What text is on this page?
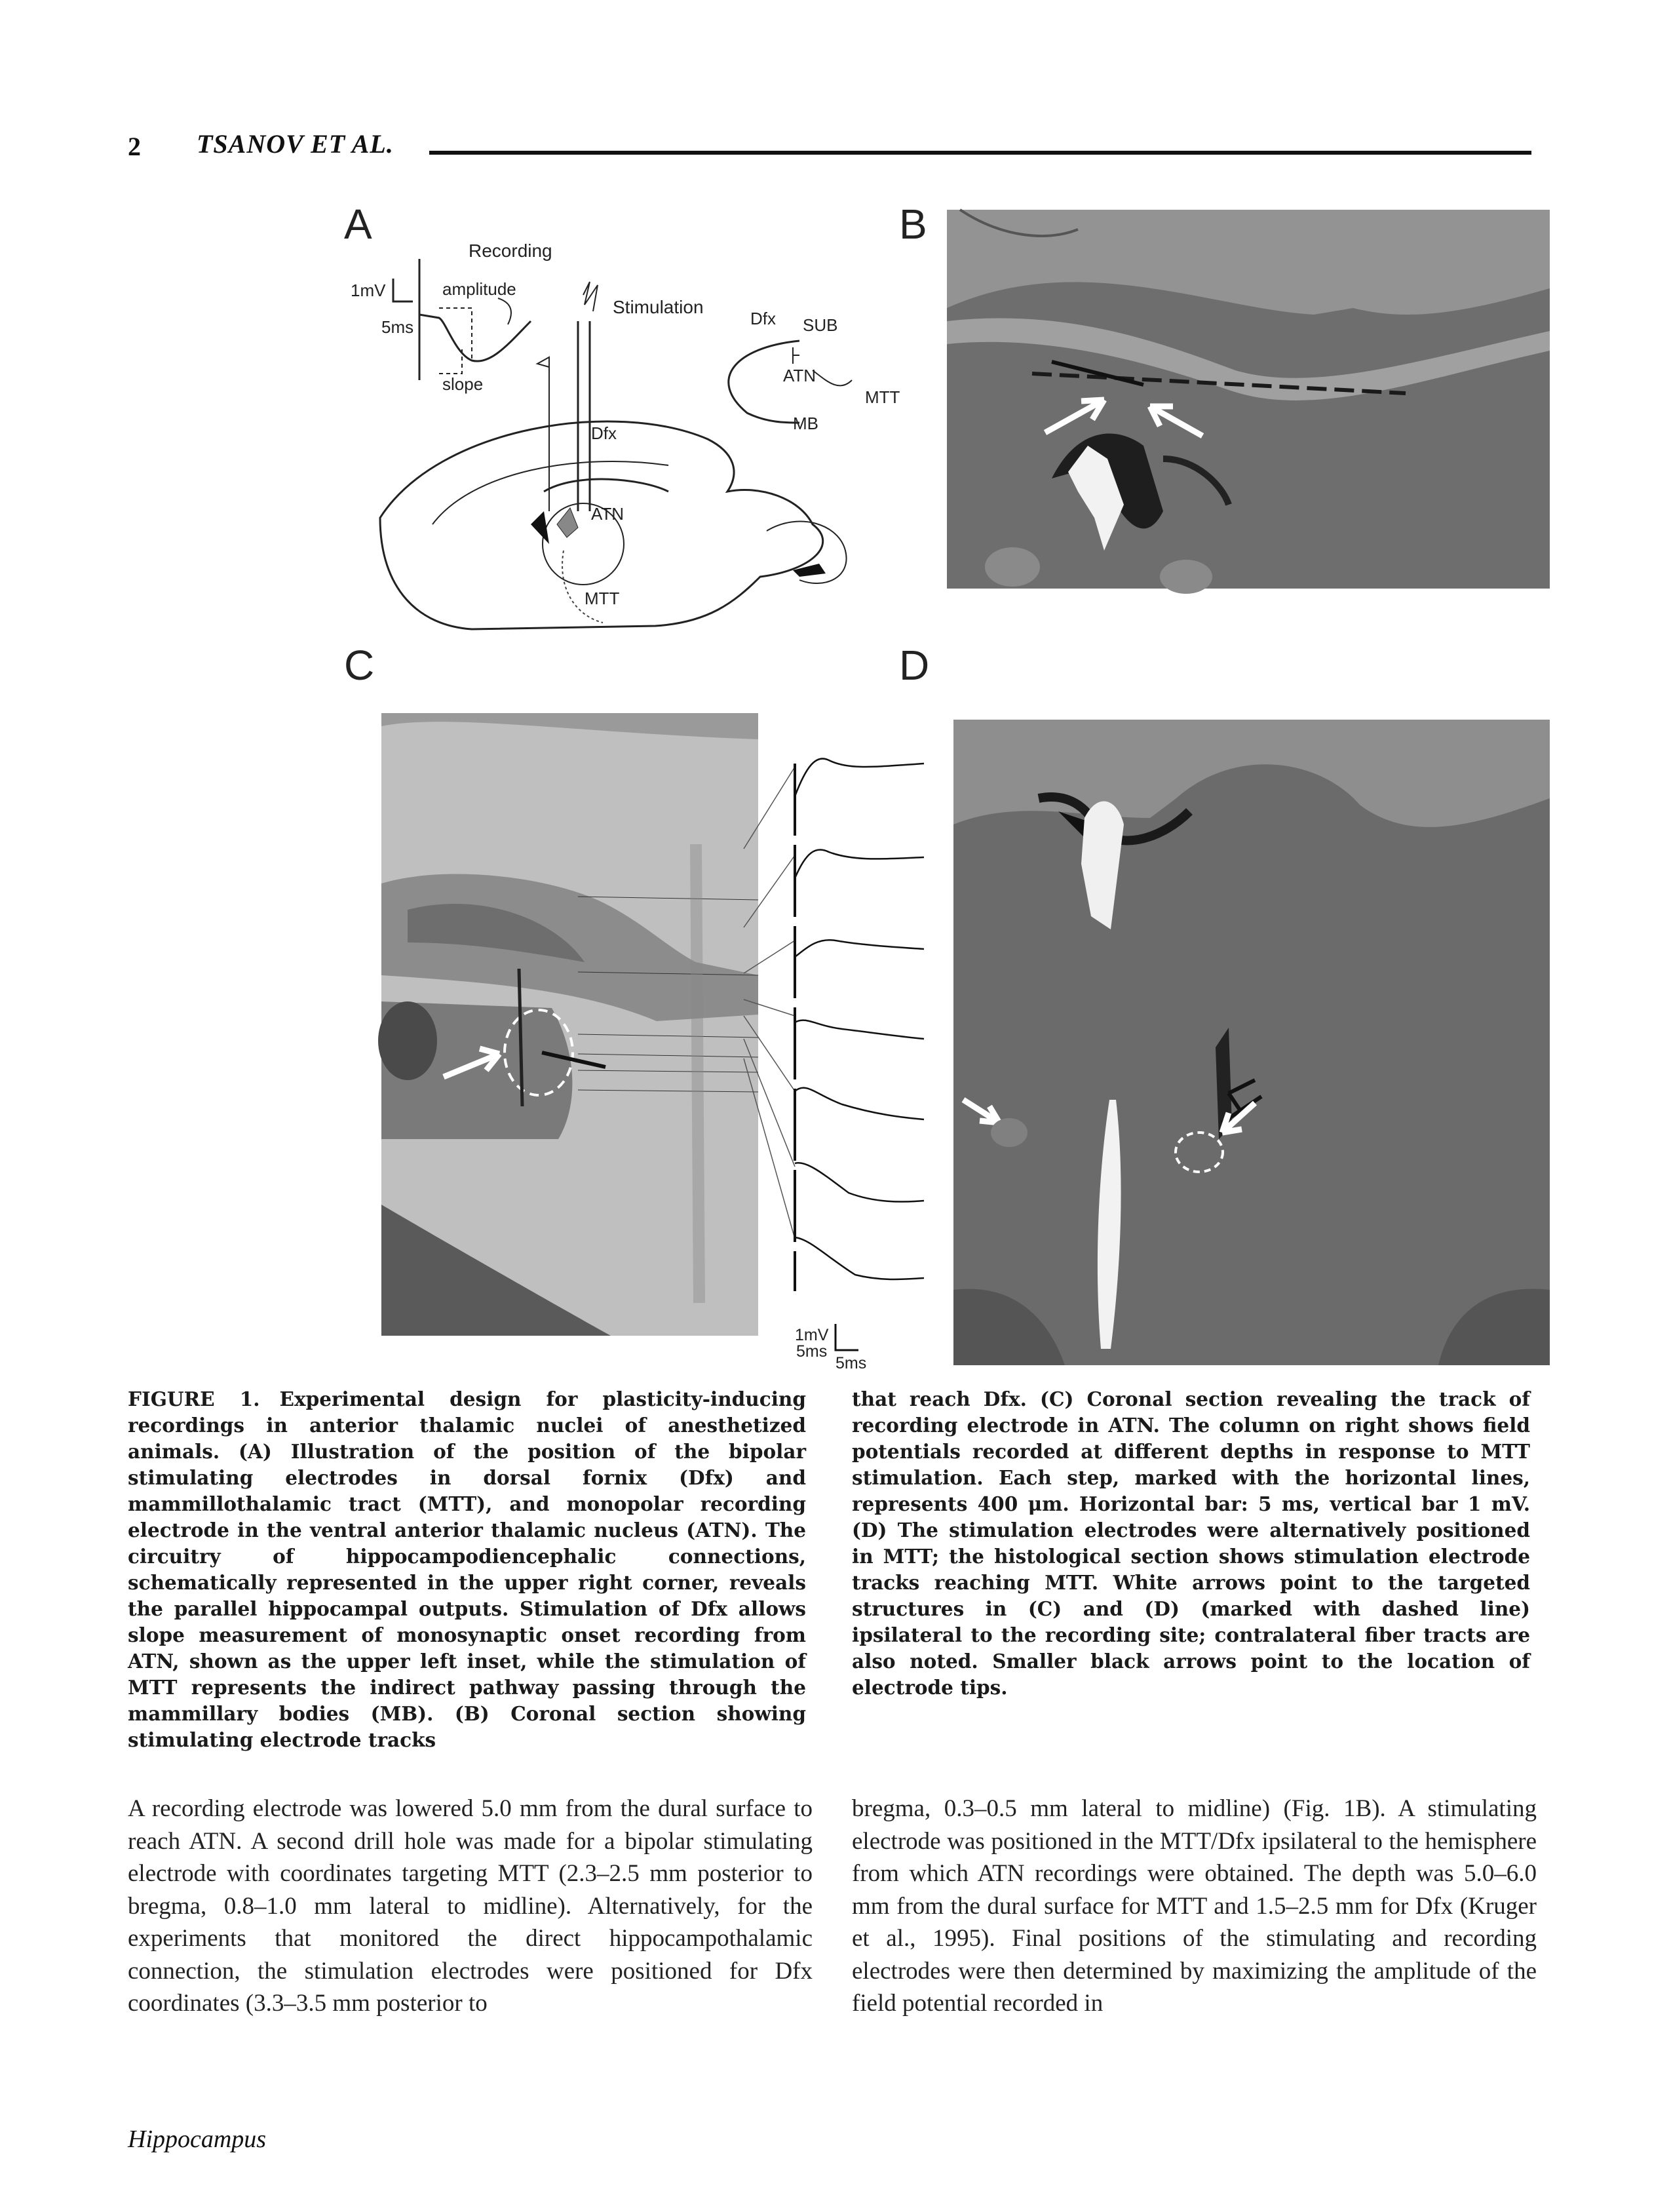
2 TSANOV ET AL.
A	B
C	D
Recording
1mV
5ms
amplitude
slope
Stimulation
Dfx SUB
ATN
MTT
MB
Dfx
ATN
MTT
1mV
5ms
5ms
FIGURE 1. Experimental design for plasticity-inducing recordings in anterior thalamic nuclei of anesthetized animals. (A) Illustration of the position of the bipolar stimulating electrodes in dorsal fornix (Dfx) and mammillothalamic tract (MTT), and monopolar recording electrode in the ventral anterior thalamic nucleus (ATN). The circuitry of hippocampodiencephalic connections, schematically represented in the upper right corner, reveals the parallel hippocampal outputs. Stimulation of Dfx allows slope measurement of monosynaptic onset recording from ATN, shown as the upper left inset, while the stimulation of MTT represents the indirect pathway passing through the mammillary bodies (MB). (B) Coronal section showing stimulating electrode tracks
that reach Dfx. (C) Coronal section revealing the track of recording electrode in ATN. The column on right shows field potentials recorded at different depths in response to MTT stimulation. Each step, marked with the horizontal lines, represents 400 μm. Horizontal bar: 5 ms, vertical bar 1 mV. (D) The stimulation electrodes were alternatively positioned in MTT; the histological section shows stimulation electrode tracks reaching MTT. White arrows point to the targeted structures in (C) and (D) (marked with dashed line) ipsilateral to the recording site; contralateral fiber tracts are also noted. Smaller black arrows point to the location of electrode tips.
A recording electrode was lowered 5.0 mm from the dural surface to reach ATN. A second drill hole was made for a bipolar stimulating electrode with coordinates targeting MTT (2.3–2.5 mm posterior to bregma, 0.8–1.0 mm lateral to midline). Alternatively, for the experiments that monitored the direct hippocampothalamic connection, the stimulation electrodes were positioned for Dfx coordinates (3.3–3.5 mm posterior to
bregma, 0.3–0.5 mm lateral to midline) (Fig. 1B). A stimulating electrode was positioned in the MTT/Dfx ipsilateral to the hemisphere from which ATN recordings were obtained. The depth was 5.0–6.0 mm from the dural surface for MTT and 1.5–2.5 mm for Dfx (Kruger et al., 1995). Final positions of the stimulating and recording electrodes were then determined by maximizing the amplitude of the field potential recorded in
Hippocampus
